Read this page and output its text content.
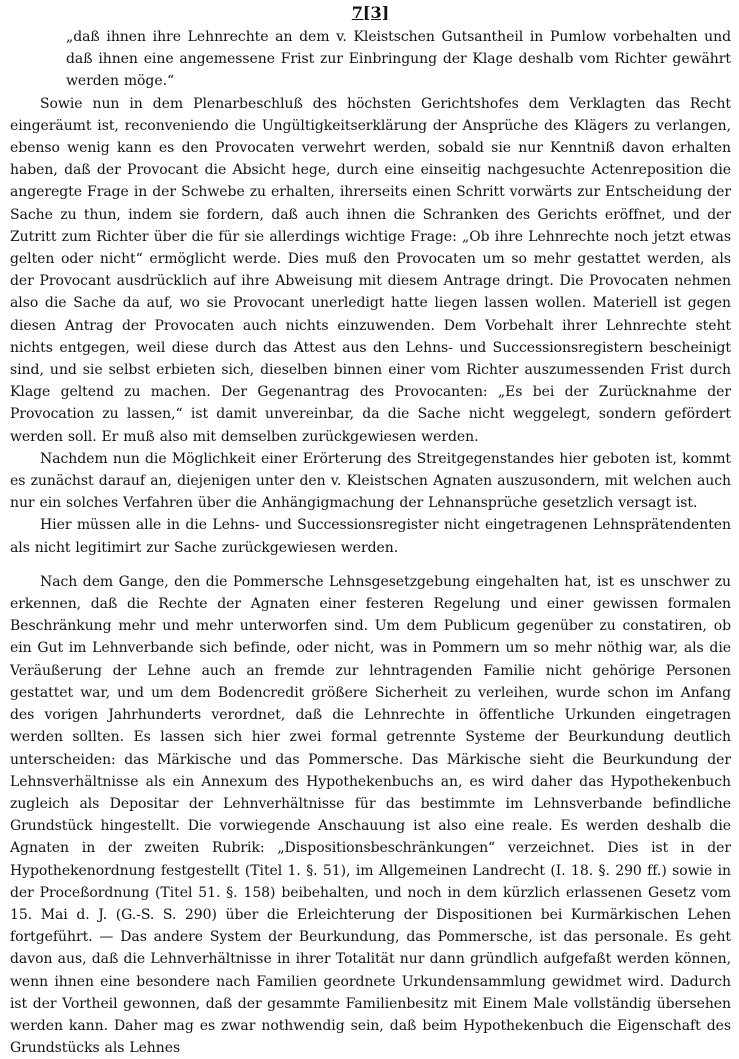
7[3]

„daß ihnen ihre Lehnrechte an dem v. Kleistschen Gutsantheil in Pumlow vorbehalten und daß ihnen eine angemessene Frist zur Einbringung der Klage deshalb vom Richter gewährt werden möge.“

Sowie nun in dem Plenarbeschluß des höchsten Gerichtshofes dem Verklagten das Recht eingeräumt ist, reconveniendo die Ungültigkeitserklärung der Ansprüche des Klägers zu verlangen, ebenso wenig kann es den Provocaten verwehrt werden, sobald sie nur Kenntniß davon erhalten haben, daß der Provocant die Absicht hege, durch eine einseitig nachgesuchte Actenreposition die angeregte Frage in der Schwebe zu erhalten, ihrerseits einen Schritt vorwärts zur Entscheidung der Sache zu thun, indem sie fordern, daß auch ihnen die Schranken des Gerichts eröffnet, und der Zutritt zum Richter über die für sie allerdings wichtige Frage: „Ob ihre Lehnrechte noch jetzt etwas gelten oder nicht“ ermöglicht werde. Dies muß den Provocaten um so mehr gestattet werden, als der Provocant ausdrücklich auf ihre Abweisung mit diesem Antrage dringt. Die Provocaten nehmen also die Sache da auf, wo sie Provocant unerledigt hatte liegen lassen wollen. Materiell ist gegen diesen Antrag der Provocaten auch nichts einzuwenden. Dem Vorbehalt ihrer Lehnrechte steht nichts entgegen, weil diese durch das Attest aus den Lehns- und Successionsregistern bescheinigt sind, und sie selbst erbieten sich, dieselben binnen einer vom Richter auszumessenden Frist durch Klage geltend zu machen. Der Gegenantrag des Provocanten: „Es bei der Zurücknahme der Provocation zu lassen,“ ist damit unvereinbar, da die Sache nicht weggelegt, sondern gefördert werden soll. Er muß also mit demselben zurückgewiesen werden.

Nachdem nun die Möglichkeit einer Erörterung des Streitgegenstandes hier geboten ist, kommt es zunächst darauf an, diejenigen unter den v. Kleistschen Agnaten auszusondern, mit welchen auch nur ein solches Verfahren über die Anhängigmachung der Lehnansprüche gesetzlich versagt ist.

Hier müssen alle in die Lehns- und Successionsregister nicht eingetragenen Lehnsprätendenten als nicht legitimirt zur Sache zurückgewiesen werden.

Nach dem Gange, den die Pommersche Lehnsgesetzgebung eingehalten hat, ist es unschwer zu erkennen, daß die Rechte der Agnaten einer festeren Regelung und einer gewissen formalen Beschränkung mehr und mehr unterworfen sind. Um dem Publicum gegenüber zu constatiren, ob ein Gut im Lehnverbande sich befinde, oder nicht, was in Pommern um so mehr nöthig war, als die Veräußerung der Lehne auch an fremde zur lehntragenden Familie nicht gehörige Personen gestattet war, und um dem Bodencredit größere Sicherheit zu verleihen, wurde schon im Anfang des vorigen Jahrhunderts verordnet, daß die Lehnrechte in öffentliche Urkunden eingetragen werden sollten. Es lassen sich hier zwei formal getrennte Systeme der Beurkundung deutlich unterscheiden: das Märkische und das Pommersche. Das Märkische sieht die Beurkundung der Lehnsverhältnisse als ein Annexum des Hypothekenbuchs an, es wird daher das Hypothekenbuch zugleich als Depositar der Lehnverhältnisse für das bestimmte im Lehnsverbande befindliche Grundstück hingestellt. Die vorwiegende Anschauung ist also eine reale. Es werden deshalb die Agnaten in der zweiten Rubrik: „Dispositionsbeschränkungen“ verzeichnet. Dies ist in der Hypothekenordnung festgestellt (Titel 1. §. 51), im Allgemeinen Landrecht (I. 18. §. 290 ff.) sowie in der Proceßordnung (Titel 51. §. 158) beibehalten, und noch in dem kürzlich erlassenen Gesetz vom 15. Mai d. J. (G.-S. S. 290) über die Erleichterung der Dispositionen bei Kurmärkischen Lehen fortgeführt. — Das andere System der Beurkundung, das Pommersche, ist das personale. Es geht davon aus, daß die Lehnverhältnisse in ihrer Totalität nur dann gründlich aufgefaßt werden können, wenn ihnen eine besondere nach Familien geordnete Urkundensammlung gewidmet wird. Dadurch ist der Vortheil gewonnen, daß der gesammte Familienbesitz mit Einem Male vollständig übersehen werden kann. Daher mag es zwar nothwendig sein, daß beim Hypothekenbuch die Eigenschaft des Grundstücks als Lehnes
